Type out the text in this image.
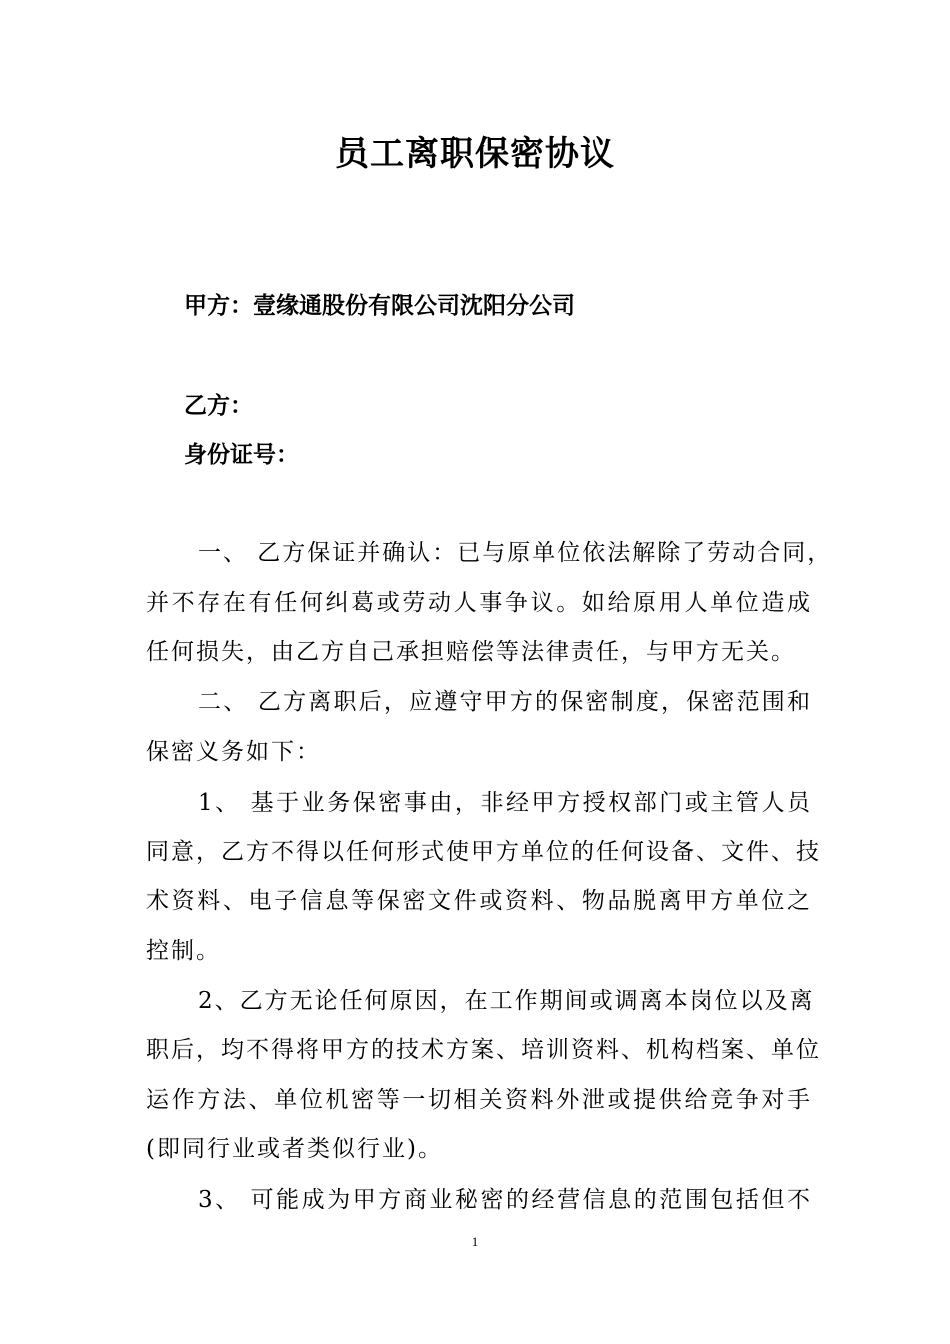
员工离职保密协议
甲方：壹缘通股份有限公司沈阳分公司
乙方：
身份证号：
一、 乙方保证并确认：已与原单位依法解除了劳动合同，
并不存在有任何纠葛或劳动人事争议。如给原用人单位造成
任何损失，由乙方自己承担赔偿等法律责任，与甲方无关。
二、 乙方离职后，应遵守甲方的保密制度，保密范围和
保密义务如下：
1、 基于业务保密事由，非经甲方授权部门或主管人员
同意，乙方不得以任何形式使甲方单位的任何设备、文件、技
术资料、电子信息等保密文件或资料、物品脱离甲方单位之
控制。
2、乙方无论任何原因，在工作期间或调离本岗位以及离
职后，均不得将甲方的技术方案、培训资料、机构档案、单位
运作方法、单位机密等一切相关资料外泄或提供给竞争对手
(即同行业或者类似行业)。
3、 可能成为甲方商业秘密的经营信息的范围包括但不
1
